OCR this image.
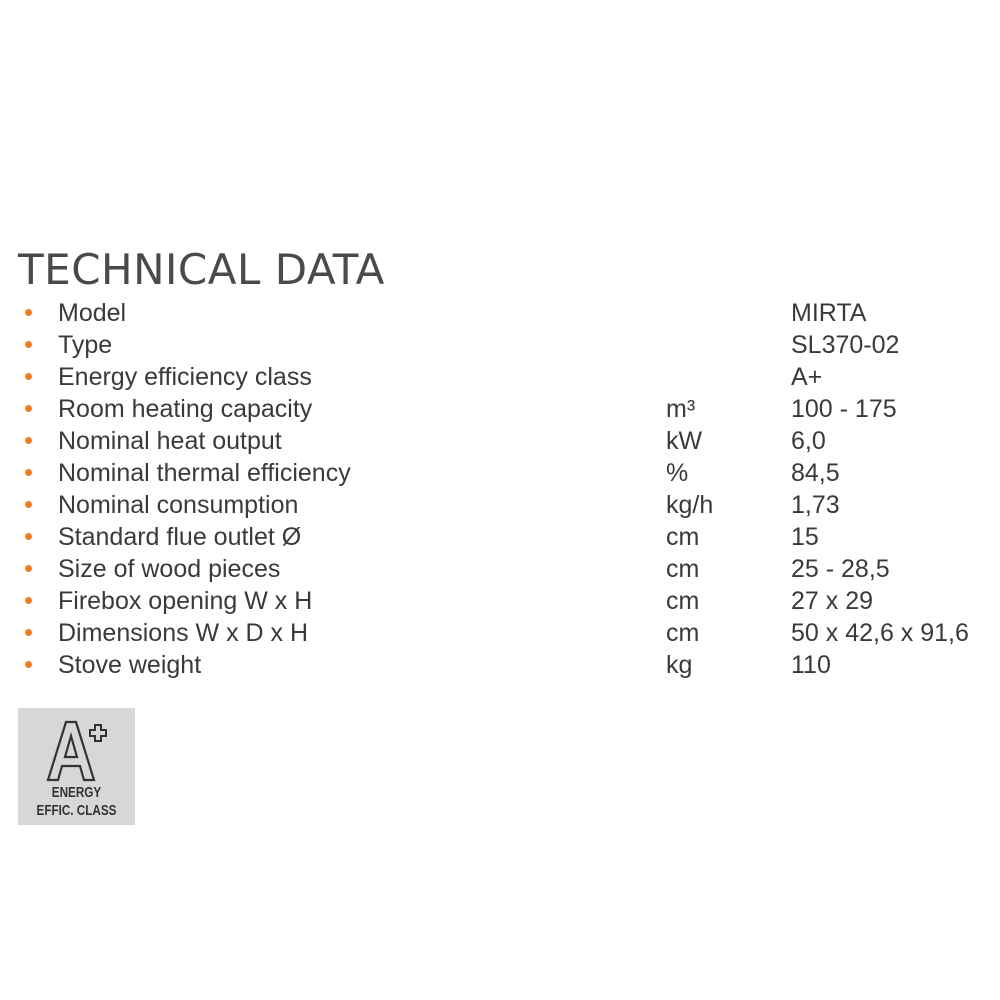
TECHNICAL DATA
Model	MIRTA
Type	SL370-02
Energy efficiency class	A+
Room heating capacity	m³	100 - 175
Nominal heat output	kW	6,0
Nominal thermal efficiency	%	84,5
Nominal consumption	kg/h	1,73
Standard flue outlet Ø	cm	15
Size of wood pieces	cm	25 - 28,5
Firebox opening W x H	cm	27 x 29
Dimensions W x D x H	cm	50 x 42,6 x 91,6
Stove weight	kg	110
ENERGY
EFFIC. CLASS
